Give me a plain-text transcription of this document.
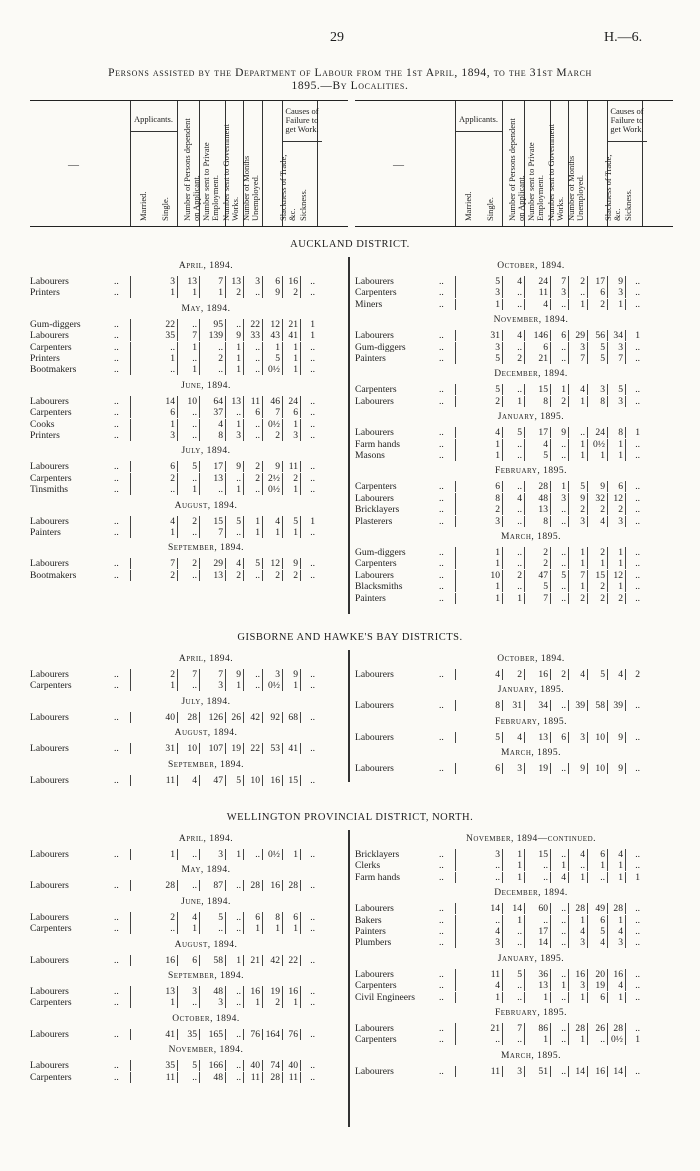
29	H.—6.
Persons assisted by the Department of Labour from the 1st April, 1894, to the 31st March
1895.—By Localities.
—
Applicants.
Causes of Failure to get Work.
Married. Single. Number of Persons dependent on Applicant. Number sent to Private Employment. Number sent to Government Works. Number of Months Unemployed. Slackness of Trade, &c. Sickness.
—
Applicants.
Causes of Failure to get Work.
Married. Single. Number of Persons dependent on Applicant. Number sent to Private Employment. Number sent to Government Works. Number of Months Unemployed. Slackness of Trade, &c. Sickness.
AUCKLAND DISTRICT.
April, 1894.
Labourers	..	3	13	7 13	3	6 16	..
Printers	..	1	1	1	2	..	9	2	..
May, 1894.
Gum-diggers	..	22	..	95	.. 22	12 21	1
Labourers	..	35	7	139	9 33	43 41	1
Carpenters	..	..	1	..	1	..	1	1	..
Printers	..	1	..	2	1	..	5	1	..
Bootmakers	..	..	1	..	1	.. 0½	1	..
June, 1894.
Labourers	..	14	10	64 13	11	46 24	..
Carpenters	..	6	..	37	..	6	7	6	..
Cooks	..	1	..	4	1	.. 0½	1	..
Printers	..	3	..	8	3	..	2	3	..
July, 1894.
Labourers	..	6	5	17	9	2	9 11	..
Carpenters	..	2	..	13	..	2 2½	2	..
Tinsmiths	..	..	1	..	1	.. 0½	1	..
August, 1894.
Labourers	..	4	2	15	5	1	4	5	1
Painters	..	1	..	7	..	1	1	1	..
September, 1894.
Labourers	..	7	2	29	4	5	12	9	..
Bootmakers	..	2	..	13	2	..	2	2	..
October, 1894.
Labourers	..	5	4	24	7	2	17	9	..
Carpenters	..	3	..	11	3	..	6	3	..
Miners	..	1	..	4	..	1	2	1	..
November, 1894.
Labourers	..	31	4	146	6 29	56 34	1
Gum-diggers	..	3	..	6	..	3	5	3	..
Painters	..	5	2	21	..	7	5	7	..
December, 1894.
Carpenters	..	5	..	15	1	4	3	5	..
Labourers	..	2	1	8	2	1	8	3	..
January, 1895.
Labourers	..	4	5	17	9	..	24	8	1
Farm hands	..	1	..	4	..	1 0½	1	..
Masons	..	1	..	5	..	1	1	1	..
February, 1895.
Carpenters	..	6	..	28	1	5	9	6	..
Labourers	..	8	4	48	3	9	32 12	..
Bricklayers	..	2	..	13	..	2	2	2	..
Plasterers	..	3	..	8	..	3	4	3	..
March, 1895.
Gum-diggers	..	1	..	2	..	1	2	1	..
Carpenters	..	1	..	2	..	1	1	1	..
Labourers	..	10	2	47	5	7	15 12	..
Blacksmiths	..	1	..	5	..	1	2	1	..
Painters	..	1	1	7	..	2	2	2	..
GISBORNE AND HAWKE'S BAY DISTRICTS.
April, 1894.
Labourers	..	2	7	7	9	..	3	9	..
Carpenters	..	1	..	3	1	.. 0½	1	..
July, 1894.
Labourers	..	40	28	126 26 42	92 68	..
August, 1894.
Labourers	..	31	10	107 19 22	53 41	..
September, 1894.
Labourers	..	11	4	47	5 10	16 15	..
October, 1894.
Labourers	..	4	2	16	2	4	5	4	2
January, 1895.
Labourers	..	8	31	34	.. 39	58 39	..
February, 1895.
Labourers	..	5	4	13	6	3	10	9	..
March, 1895.
Labourers	..	6	3	19	..	9	10	9	..
WELLINGTON PROVINCIAL DISTRICT, NORTH.
April, 1894.
Labourers	..	1	..	3	1	.. 0½	1	..
May, 1894.
Labourers	..	28	..	87	.. 28	16 28	..
June, 1894.
Labourers	..	2	4	5	..	6	8	6	..
Carpenters	..	..	1	..	..	1	1	1	..
August, 1894.
Labourers	..	16	6	58	1 21	42 22	..
September, 1894.
Labourers	..	13	3	48	.. 16	19 16	..
Carpenters	..	1	..	3	..	1	2	1	..
October, 1894.
Labourers	..	41	35	165	.. 76 164 76	..
November, 1894.
Labourers	..	35	5	166	.. 40	74 40	..
Carpenters	..	11	..	48	..	11	28 11	..
November, 1894—continued.
Bricklayers	..	3	1	15	..	4	6	4	..
Clerks	..	..	1	..	1	..	1	1	..
Farm hands	..	..	1	..	4	1	..	1	1
December, 1894.
Labourers	..	14	14	60	.. 28	49 28	..
Bakers	..	..	1	..	..	1	6	1	..
Painters	..	4	..	17	..	4	5	4	..
Plumbers	..	3	..	14	..	3	4	3	..
January, 1895.
Labourers	..	11	5	36	.. 16	20 16	..
Carpenters	..	4	..	13	1	3	19	4	..
Civil Engineers	..	1	..	1	..	1	6	1	..
February, 1895.
Labourers	..	21	7	86	.. 28	26 28	..
Carpenters	..	..	..	1	..	1	.. 0½	1
March, 1895.
Labourers	..	11	3	51	.. 14	16 14	..
